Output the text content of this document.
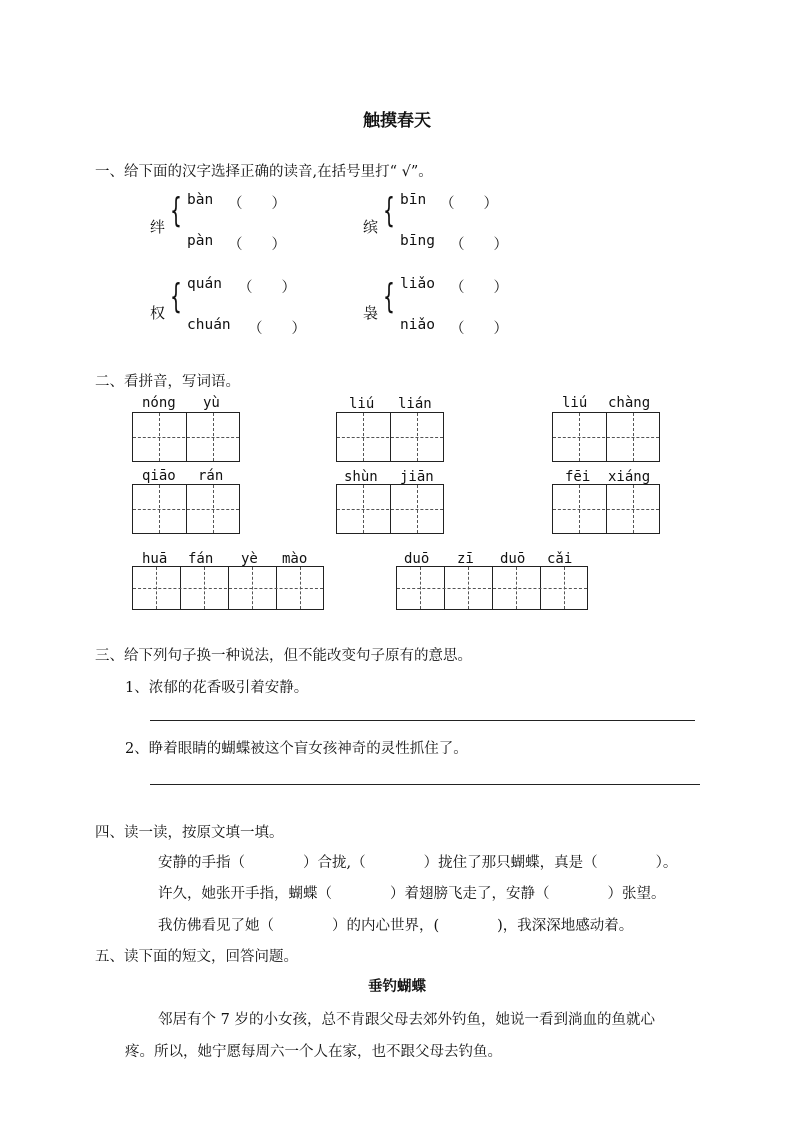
触摸春天
一、给下面的汉字选择正确的读音,在括号里打“ √”。
绊 { bàn （　　）
pàn （　　）
缤 { bīn （　　）
bīng （　　）
权 { quán （　　）
chuán （　　）
袅 { liǎo （　　）
niǎo （　　）
二、看拼音，写词语。
nóng yù	liú lián	liú chàng
qiāo rán	shùn jiān	fēi xiáng
huā fán yè mào	duō zī duō cǎi
三、给下列句子换一种说法，但不能改变句子原有的意思。
1、浓郁的花香吸引着安静。
2、睁着眼睛的蝴蝶被这个盲女孩神奇的灵性抓住了。
四、读一读，按原文填一填。
安静的手指（　　　　）合拢,（　　　　）拢住了那只蝴蝶，真是（　　　　）。
许久，她张开手指，蝴蝶（　　　　）着翅膀飞走了，安静（　　　　）张望。
我仿佛看见了她（　　　　）的内心世界，(　　　　)，我深深地感动着。
五、读下面的短文，回答问题。
垂钓蝴蝶
邻居有个 7 岁的小女孩，总不肯跟父母去郊外钓鱼，她说一看到淌血的鱼就心
疼。所以，她宁愿每周六一个人在家，也不跟父母去钓鱼。
